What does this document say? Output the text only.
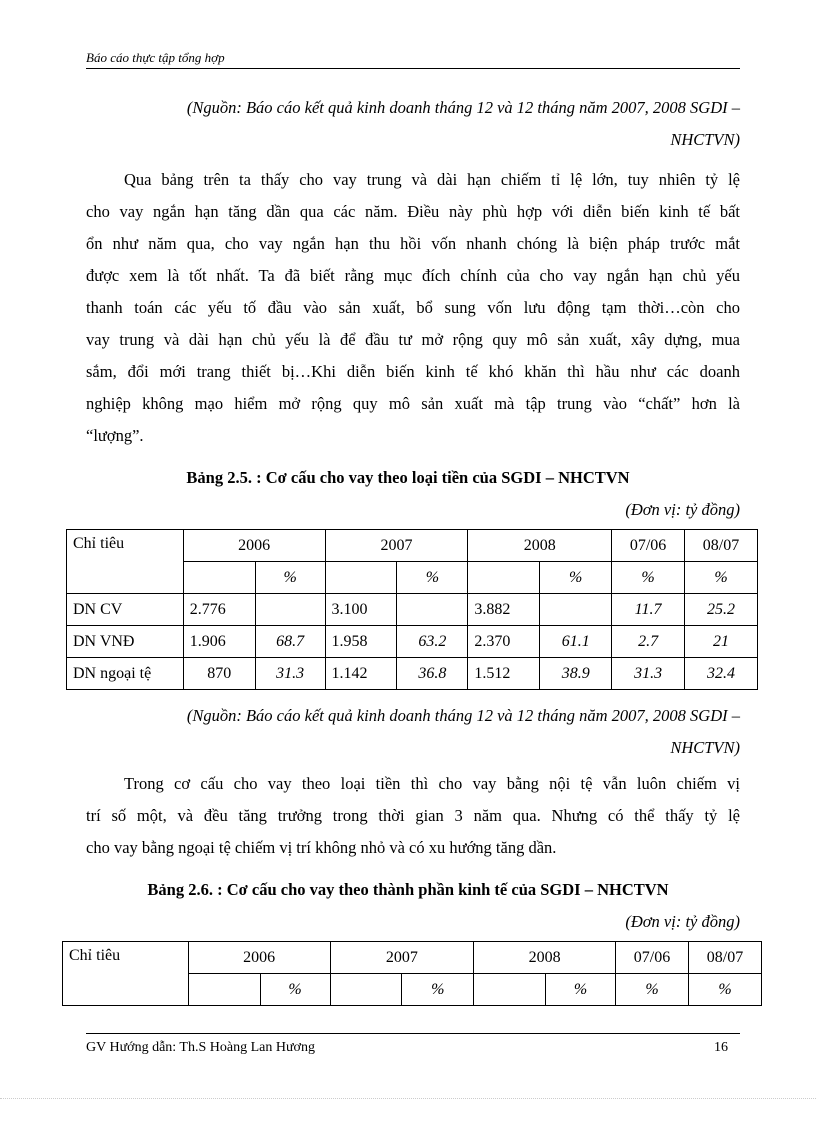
Báo cáo thực tập tổng hợp
(Nguồn: Báo cáo kết quả kinh doanh tháng 12 và 12 tháng năm 2007, 2008 SGDI –
NHCTVN)
Qua bảng trên ta thấy cho vay trung và dài hạn chiếm tỉ lệ lớn, tuy nhiên tỷ lệ
cho vay ngắn hạn tăng dần qua các năm. Điều này phù hợp với diễn biến kinh tế bất
ổn như năm qua, cho vay ngắn hạn thu hồi vốn nhanh chóng là biện pháp trước mắt
được xem là tốt nhất. Ta đã biết rằng mục đích chính của cho vay ngắn hạn chủ yếu
thanh toán các yếu tố đầu vào sản xuất, bổ sung vốn lưu động tạm thời…còn cho
vay trung và dài hạn chủ yếu là để đầu tư mở rộng quy mô sản xuất, xây dựng, mua
sắm, đổi mới trang thiết bị…Khi diễn biến kinh tế khó khăn thì hầu như các doanh
nghiệp không mạo hiểm mở rộng quy mô sản xuất mà tập trung vào “chất” hơn là
“lượng”.
Bảng 2.5. : Cơ cấu cho vay theo loại tiền của SGDI – NHCTVN
(Đơn vị: tỷ đồng)
Chỉ tiêu	2006		2007		2008		07/06	08/07
		%		%		%	%	%
DN CV	2.776		3.100		3.882		11.7	25.2
DN VNĐ	1.906	68.7	1.958	63.2	2.370	61.1	2.7	21
DN ngoại tệ	870	31.3	1.142	36.8	1.512	38.9	31.3	32.4
(Nguồn: Báo cáo kết quả kinh doanh tháng 12 và 12 tháng năm 2007, 2008 SGDI –
NHCTVN)
Trong cơ cấu cho vay theo loại tiền thì cho vay bằng nội tệ vẫn luôn chiếm vị
trí số một, và đều tăng trưởng trong thời gian 3 năm qua. Nhưng có thể thấy tỷ lệ
cho vay bằng ngoại tệ chiếm vị trí không nhỏ và có xu hướng tăng dần.
Bảng 2.6. : Cơ cấu cho vay theo thành phần kinh tế của SGDI – NHCTVN
(Đơn vị: tỷ đồng)
Chỉ tiêu	2006		2007		2008		07/06	08/07
		%		%		%	%	%
GV Hướng dẫn: Th.S Hoàng Lan Hương	16
